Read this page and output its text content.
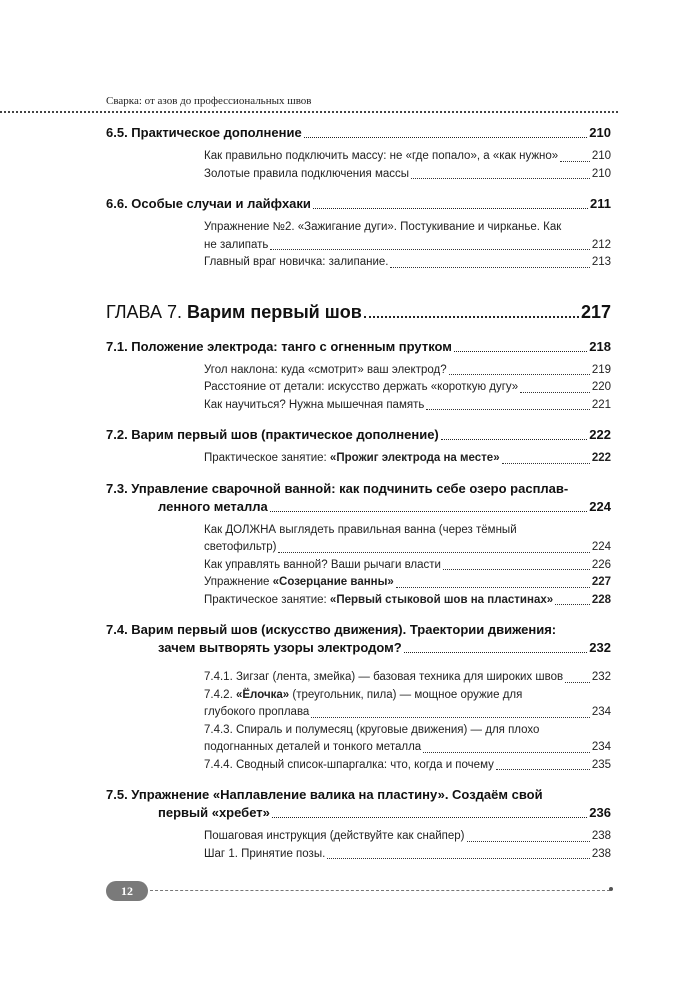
Сварка: от азов до профессиональных швов
6.5. Практическое дополнение	210
Как правильно подключить массу: не «где попало», а «как нужно»	210
Золотые правила подключения массы	210
6.6. Особые случаи и лайфхаки	211
Упражнение №2. «Зажигание дуги». Постукивание и чирканье. Как
не залипать	212
Главный враг новичка: залипание.	213
ГЛАВА 7. Варим первый шов	217
7.1. Положение электрода: танго с огненным прутком	218
Угол наклона: куда «смотрит» ваш электрод?	219
Расстояние от детали: искусство держать «короткую дугу»	220
Как научиться? Нужна мышечная память	221
7.2. Варим первый шов (практическое дополнение)	222
Практическое занятие: «Прожиг электрода на месте»	222
7.3. Управление сварочной ванной: как подчинить себе озеро расплав-
ленного металла	224
Как ДОЛЖНА выглядеть правильная ванна (через тёмный
светофильтр)	224
Как управлять ванной? Ваши рычаги власти	226
Упражнение «Созерцание ванны»	227
Практическое занятие: «Первый стыковой шов на пластинах»	228
7.4. Варим первый шов (искусство движения). Траектории движения:
зачем вытворять узоры электродом?	232
7.4.1. Зигзаг (лента, змейка) — базовая техника для широких швов 232
7.4.2. «Ёлочка» (треугольник, пила) — мощное оружие для
глубокого проплава	234
7.4.3. Спираль и полумесяц (круговые движения) — для плохо
подогнанных деталей и тонкого металла	234
7.4.4. Сводный список-шпаргалка: что, когда и почему	235
7.5. Упражнение «Наплавление валика на пластину». Создаём свой
первый «хребет»	236
Пошаговая инструкция (действуйте как снайпер)	238
Шаг 1. Принятие позы.	238
12
